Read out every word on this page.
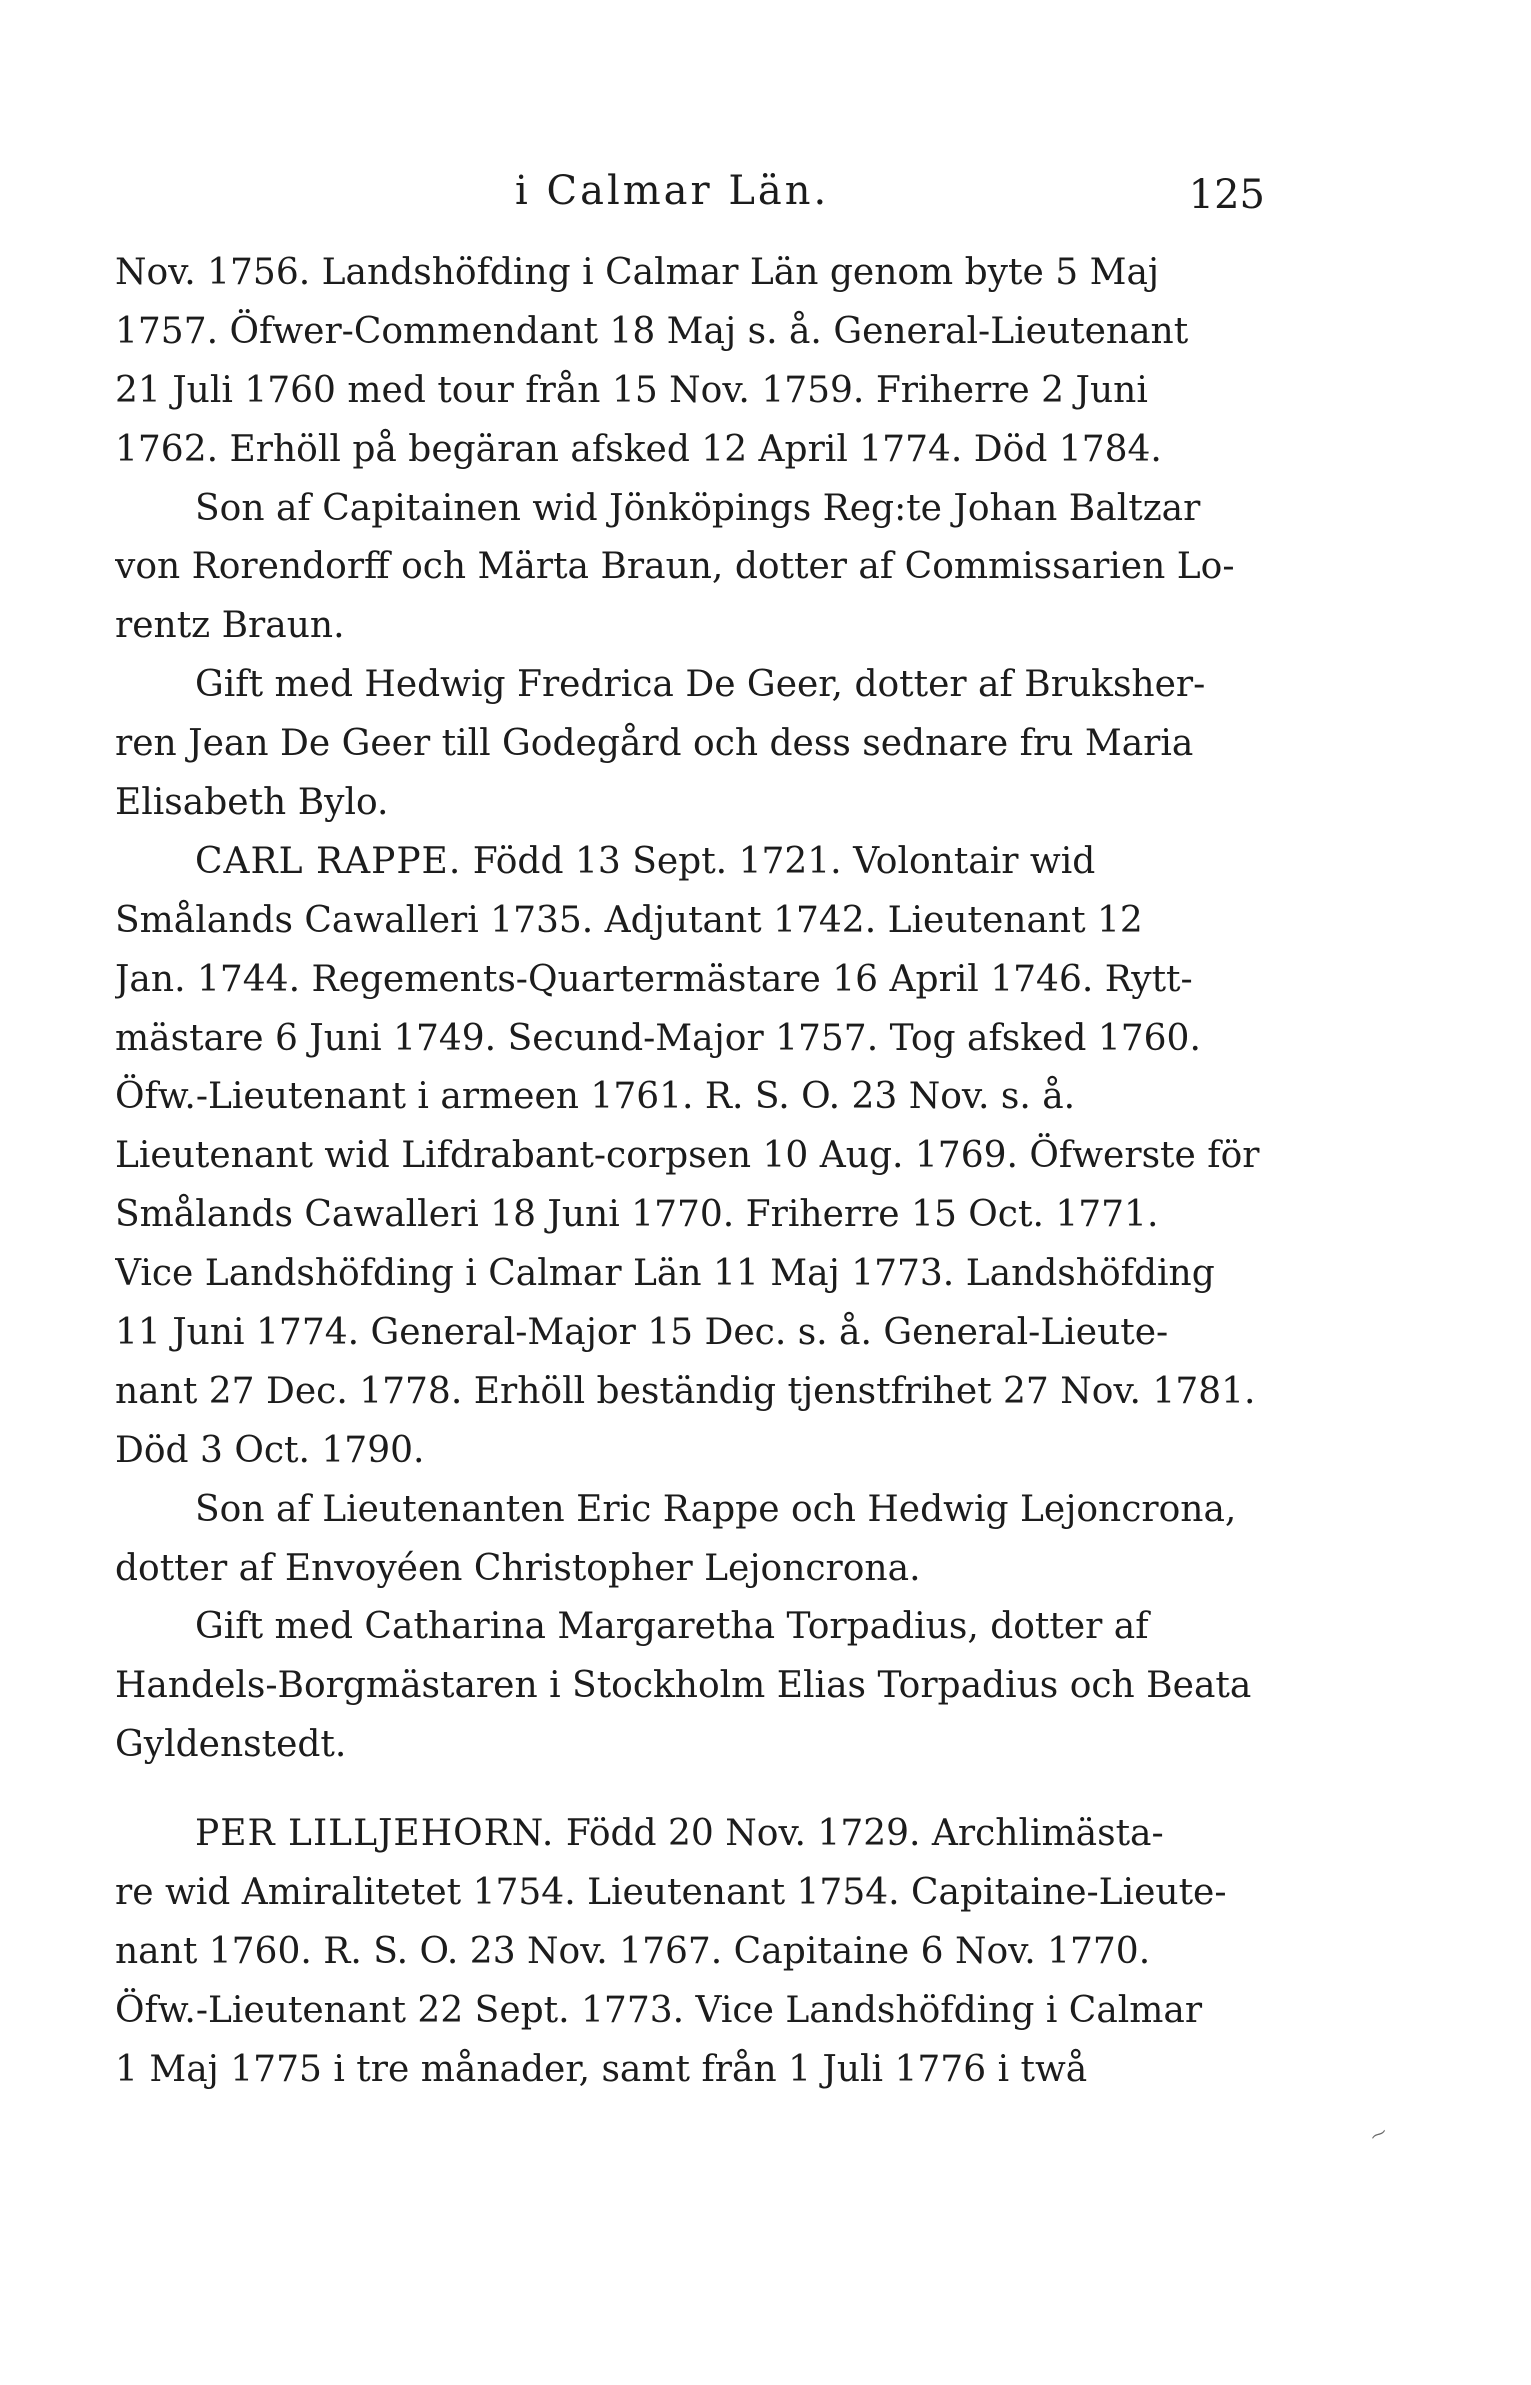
i Calmar Län.	125
Nov. 1756. Landshöfding i Calmar Län genom byte 5 Maj
1757. Öfwer-Commendant 18 Maj s. å. General-Lieutenant
21 Juli 1760 med tour från 15 Nov. 1759. Friherre 2 Juni
1762. Erhöll på begäran afsked 12 April 1774. Död 1784.
Son af Capitainen wid Jönköpings Reg:te Johan Baltzar
von Rorendorff och Märta Braun, dotter af Commissarien Lo-
rentz Braun.
Gift med Hedwig Fredrica De Geer, dotter af Bruksher-
ren Jean De Geer till Godegård och dess sednare fru Maria
Elisabeth Bylo.
CARL RAPPE. Född 13 Sept. 1721. Volontair wid
Smålands Cawalleri 1735. Adjutant 1742. Lieutenant 12
Jan. 1744. Regements-Quartermästare 16 April 1746. Rytt-
mästare 6 Juni 1749. Secund-Major 1757. Tog afsked 1760.
Öfw.-Lieutenant i armeen 1761. R. S. O. 23 Nov. s. å.
Lieutenant wid Lifdrabant-corpsen 10 Aug. 1769. Öfwerste för
Smålands Cawalleri 18 Juni 1770. Friherre 15 Oct. 1771.
Vice Landshöfding i Calmar Län 11 Maj 1773. Landshöfding
11 Juni 1774. General-Major 15 Dec. s. å. General-Lieute-
nant 27 Dec. 1778. Erhöll beständig tjenstfrihet 27 Nov. 1781.
Död 3 Oct. 1790.
Son af Lieutenanten Eric Rappe och Hedwig Lejoncrona,
dotter af Envoyéen Christopher Lejoncrona.
Gift med Catharina Margaretha Torpadius, dotter af
Handels-Borgmästaren i Stockholm Elias Torpadius och Beata
Gyldenstedt.
PER LILLJEHORN. Född 20 Nov. 1729. Archlimästa-
re wid Amiralitetet 1754. Lieutenant 1754. Capitaine-Lieute-
nant 1760. R. S. O. 23 Nov. 1767. Capitaine 6 Nov. 1770.
Öfw.-Lieutenant 22 Sept. 1773. Vice Landshöfding i Calmar
1 Maj 1775 i tre månader, samt från 1 Juli 1776 i twå
⁓
